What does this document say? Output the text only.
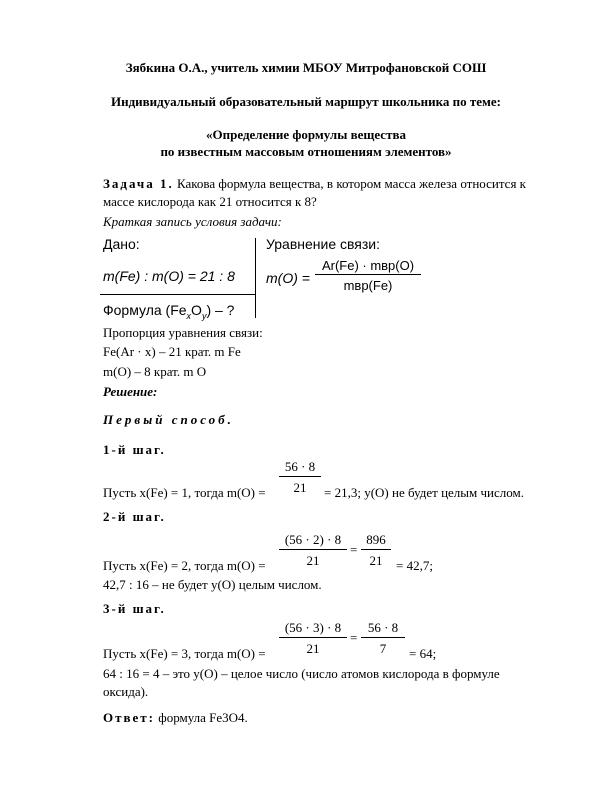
Зябкина О.А., учитель химии МБОУ Митрофановской СОШ
Индивидуальный образовательный маршрут школьника по теме:
«Определение формулы вещества
по известным массовым отношениям элементов»
Задача 1. Какова формула вещества, в котором масса железа относится к
массе кислорода как 21 относится к 8?
Краткая запись условия задачи:
Дано:
m(Fe) : m(O) = 21 : 8
Формула $(Fe_xO_y)$ – ?
Уравнение связи:
m(O) =
Ar(Fe) · mвр(O)
mвр(Fe)
Пропорция уравнения связи:
Fe(Ar · x) – 21 крат. m Fe
m(O) – 8 крат. m O
Решение:
Первый способ.
1-й шаг.
$\frac{56 \cdot 8}{21}$
Пусть x(Fe) = 1, тогда m(O) =	= 21,3; y(O) не будет целым числом.
2-й шаг.
$\frac{(56 \cdot 2) \cdot 8}{21} = \frac{896}{21}$
Пусть x(Fe) = 2, тогда m(O) =	= 42,7;
42,7 : 16 – не будет y(O) целым числом.
3-й шаг.
$\frac{(56 \cdot 3) \cdot 8}{21} = \frac{56 \cdot 8}{7}$
Пусть x(Fe) = 3, тогда m(O) =	= 64;
64 : 16 = 4 – это y(O) – целое число (число атомов кислорода в формуле
оксида).
Ответ: формула Fe3O4.
